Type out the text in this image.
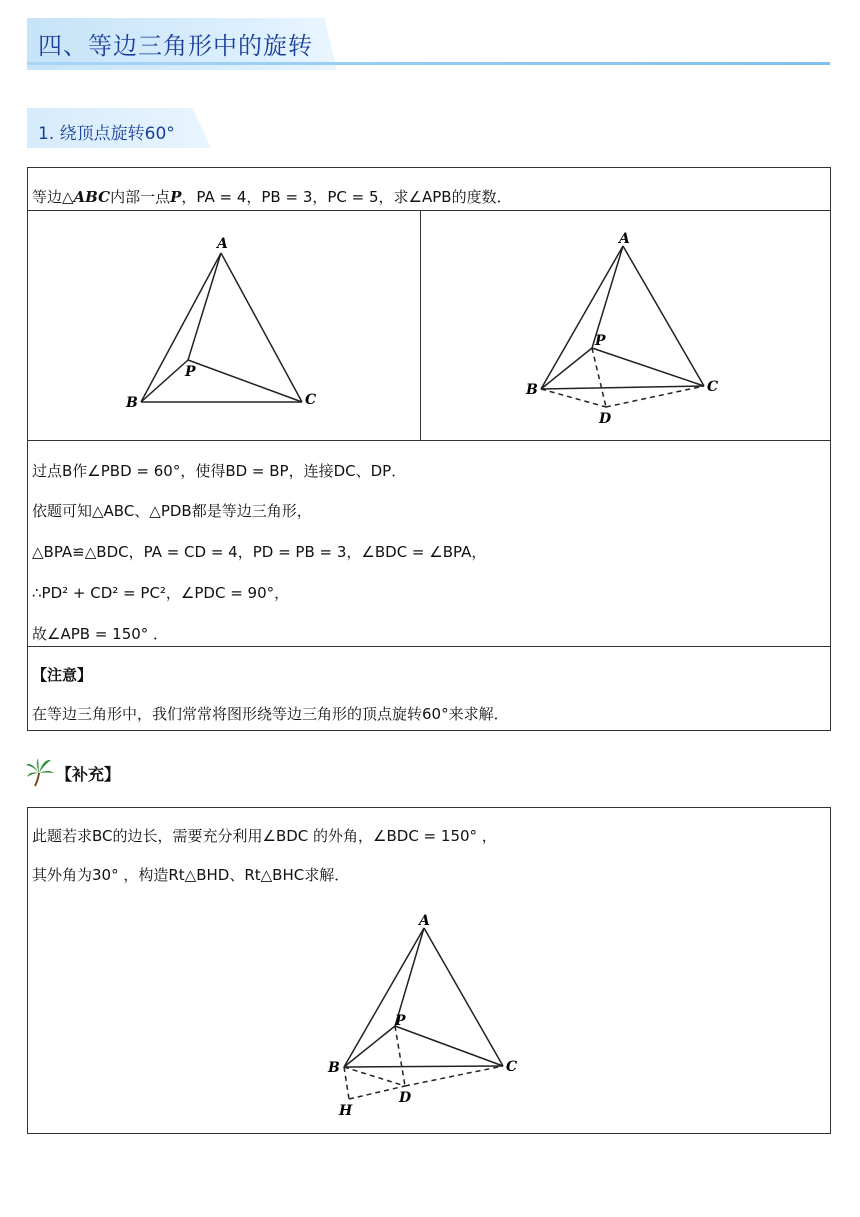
四、等边三角形中的旋转
1. 绕顶点旋转60°
等边△ABC内部一点P，PA = 4，PB = 3，PC = 5，求∠APB的度数．
A
B	C
P
A
B	C
P
D
过点B作∠PBD = 60°，使得BD = BP，连接DC、DP．
依题可知△ABC、△PDB都是等边三角形，
△BPA≌△BDC，PA = CD = 4，PD = PB = 3，∠BDC = ∠BPA，
∴PD² + CD² = PC²，∠PDC = 90°，
故∠APB = 150° ．
【注意】
在等边三角形中，我们常常将图形绕等边三角形的顶点旋转60°来求解．
【补充】
此题若求BC的边长，需要充分利用∠BDC 的外角，∠BDC = 150° ，
其外角为30° ，构造Rt△BHD、Rt△BHC求解．
A
B	C
P
D
H
